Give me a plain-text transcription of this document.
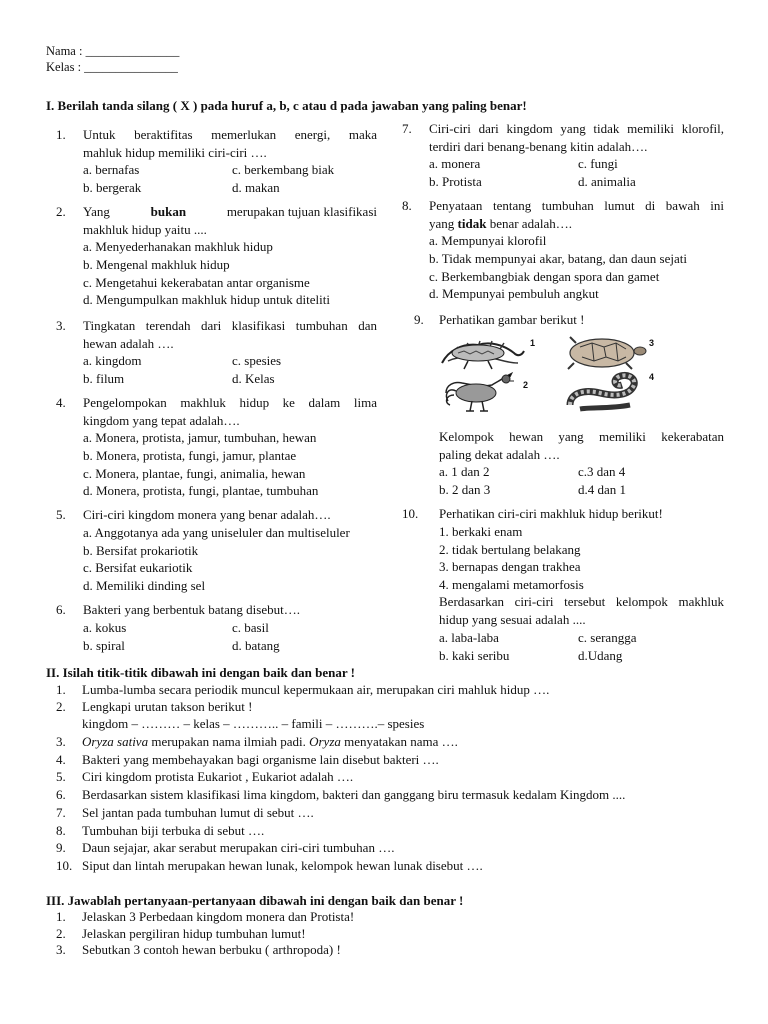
Nama : _______________
Kelas : _______________
I. Berilah tanda silang ( X ) pada huruf a, b, c atau d pada jawaban yang paling benar!
1. Untuk beraktifitas memerlukan energi, maka
mahluk hidup memiliki ciri-ciri ….
a. bernafas
b. bergerak
c. berkembang biak
d. makan
2. Yang	bukan	merupakan tujuan klasifikasi
makhluk hidup yaitu ....
a. Menyederhanakan makhluk hidup
b. Mengenal makhluk hidup
c. Mengetahui kekerabatan antar organisme
d. Mengumpulkan makhluk hidup untuk diteliti
3. Tingkatan terendah dari klasifikasi tumbuhan dan
hewan adalah ….
a. kingdom
b. filum
c. spesies
d. Kelas
4. Pengelompokan makhluk hidup ke dalam lima
kingdom yang tepat adalah….
a. Monera, protista, jamur, tumbuhan, hewan
b. Monera, protista, fungi, jamur, plantae
c. Monera, plantae, fungi, animalia, hewan
d. Monera, protista, fungi, plantae, tumbuhan
5. Ciri-ciri kingdom monera yang benar adalah….
a. Anggotanya ada yang uniseluler dan multiseluler
b. Bersifat prokariotik
c. Bersifat eukariotik
d. Memiliki dinding sel
6. Bakteri yang berbentuk batang disebut….
a. kokus
b. spiral
c. basil
d. batang
7. Ciri-ciri dari kingdom yang tidak memiliki klorofil,
terdiri dari benang-benang kitin adalah….
a. monera
b. Protista
c. fungi
d. animalia
8. Penyataan tentang tumbuhan lumut di bawah ini
yang tidak benar adalah….
a. Mempunyai klorofil
b. Tidak mempunyai akar, batang, dan daun sejati
c. Berkembangbiak dengan spora dan gamet
d. Mempunyai pembuluh angkut
9. Perhatikan gambar berikut !
1	3
2
4
Kelompok hewan yang memiliki kekerabatan
paling dekat adalah ….
a. 1 dan 2
b. 2 dan 3
c.3 dan 4
d.4 dan 1
10. Perhatikan ciri-ciri makhluk hidup berikut!
1. berkaki enam
2. tidak bertulang belakang
3. bernapas dengan trakhea
4. mengalami metamorfosis
Berdasarkan ciri-ciri tersebut kelompok makhluk
hidup yang sesuai adalah ....
a. laba-laba
b. kaki seribu
c. serangga
d.Udang
II. Isilah titik-titik dibawah ini dengan baik dan benar !
1. Lumba-lumba secara periodik muncul kepermukaan air, merupakan ciri mahluk hidup ….
2. Lengkapi urutan takson berikut !
kingdom – ……… – kelas – ……….. – famili – ……….– spesies
3. Oryza sativa merupakan nama ilmiah padi. Oryza menyatakan nama ….
4. Bakteri yang membehayakan bagi organisme lain disebut bakteri ….
5. Ciri kingdom protista Eukariot , Eukariot adalah ….
6. Berdasarkan sistem klasifikasi lima kingdom, bakteri dan ganggang biru termasuk kedalam Kingdom ....
7. Sel jantan pada tumbuhan lumut di sebut ….
8. Tumbuhan biji terbuka di sebut ….
9. Daun sejajar, akar serabut merupakan ciri-ciri tumbuhan ….
10. Siput dan lintah merupakan hewan lunak, kelompok hewan lunak disebut ….
III. Jawablah pertanyaan-pertanyaan dibawah ini dengan baik dan benar !
1. Jelaskan 3 Perbedaan kingdom monera dan Protista!
2. Jelaskan pergiliran hidup tumbuhan lumut!
3. Sebutkan 3 contoh hewan berbuku ( arthropoda) !
